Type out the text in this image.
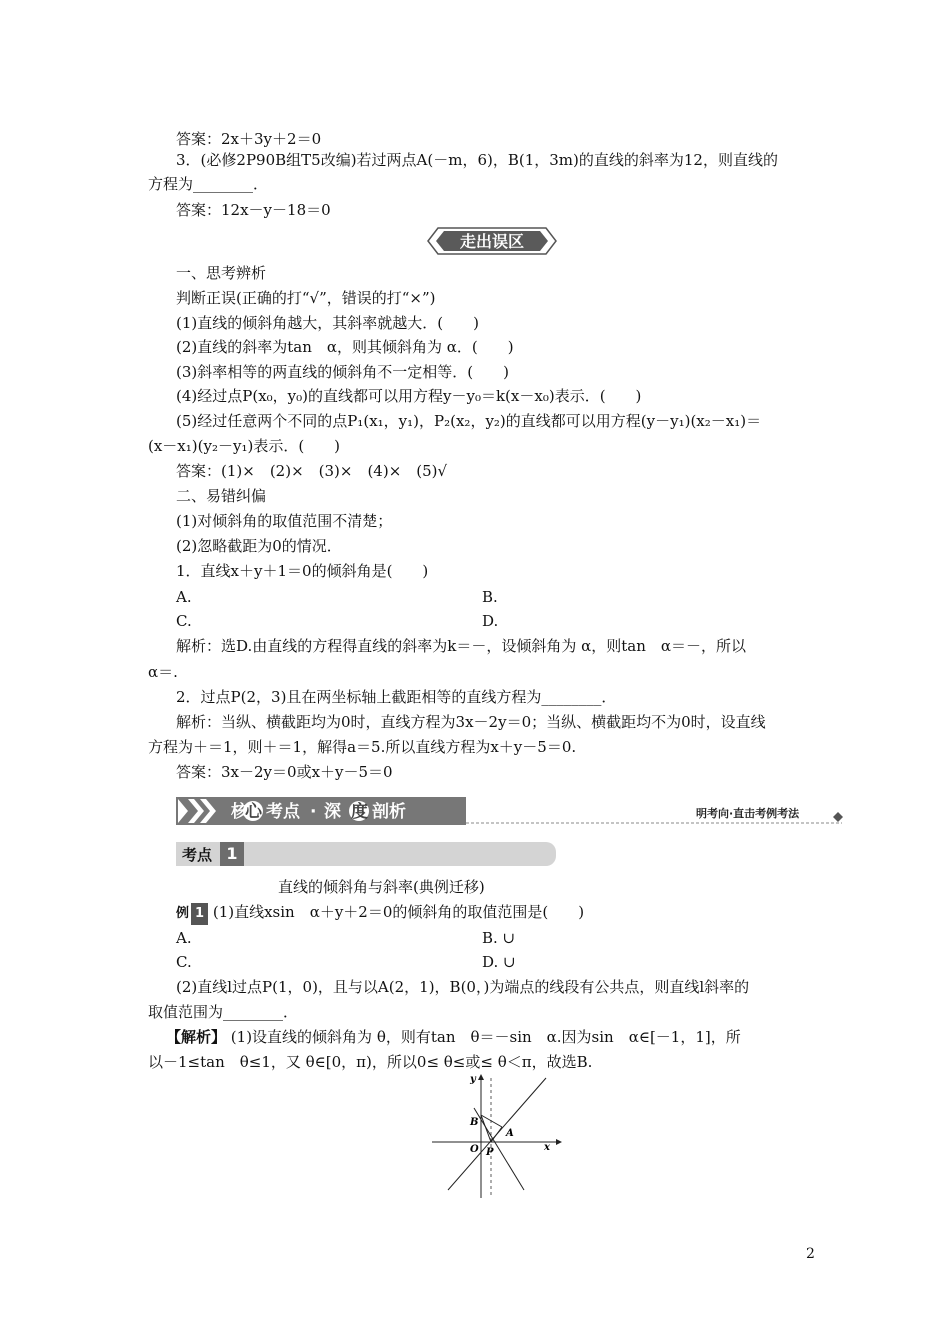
答案：2x＋3y＋2＝0
3．(必修2P90B组T5改编)若过两点A(－m，6)，B(1，3m)的直线的斜率为12，则直线的
方程为________．
答案：12x－y－18＝0
走出误区
一、思考辨析
判断正误(正确的打“√”，错误的打“×”)
(1)直线的倾斜角越大，其斜率就越大．(　　)
(2)直线的斜率为tan　α，则其倾斜角为 α．(　　)
(3)斜率相等的两直线的倾斜角不一定相等．(　　)
(4)经过点P(x₀，y₀)的直线都可以用方程y－y₀＝k(x－x₀)表示．(　　)
(5)经过任意两个不同的点P₁(x₁，y₁)，P₂(x₂，y₂)的直线都可以用方程(y－y₁)(x₂－x₁)＝
(x－x₁)(y₂－y₁)表示．(　　)
答案：(1)×　(2)×　(3)×　(4)×　(5)√
二、易错纠偏
(1)对倾斜角的取值范围不清楚；
(2)忽略截距为0的情况．
1．直线x＋y＋1＝0的倾斜角是(　　)
A.	B.
C.	D.
解析：选D.由直线的方程得直线的斜率为k＝－，设倾斜角为 α，则tan　α＝－，所以
α＝.
2．过点P(2，3)且在两坐标轴上截距相等的直线方程为________．
解析：当纵、横截距均为0时，直线方程为3x－2y＝0；当纵、横截距均不为0时，设直线
方程为＋＝1，则＋＝1，解得a＝5.所以直线方程为x＋y－5＝0.
答案：3x－2y＝0或x＋y－5＝0
核
心 考点 · 深 度 剖析	明考向·直击考例考法
考点 1
直线的倾斜角与斜率(典例迁移)
例 1 (1)直线xsin　α＋y＋2＝0的倾斜角的取值范围是(　　)
A.	B. ∪
C.	D. ∪
(2)直线l过点P(1，0)，且与以A(2，1)，B(0，)为端点的线段有公共点，则直线l斜率的
取值范围为________．
【解析】 (1)设直线的倾斜角为 θ，则有tan　θ＝－sin　α.因为sin　α∈[－1，1]，所
以－1≤tan　θ≤1，又 θ∈[0，π)，所以0≤ θ≤或≤ θ＜π，故选B.
y
x
O
B
A
P
2
